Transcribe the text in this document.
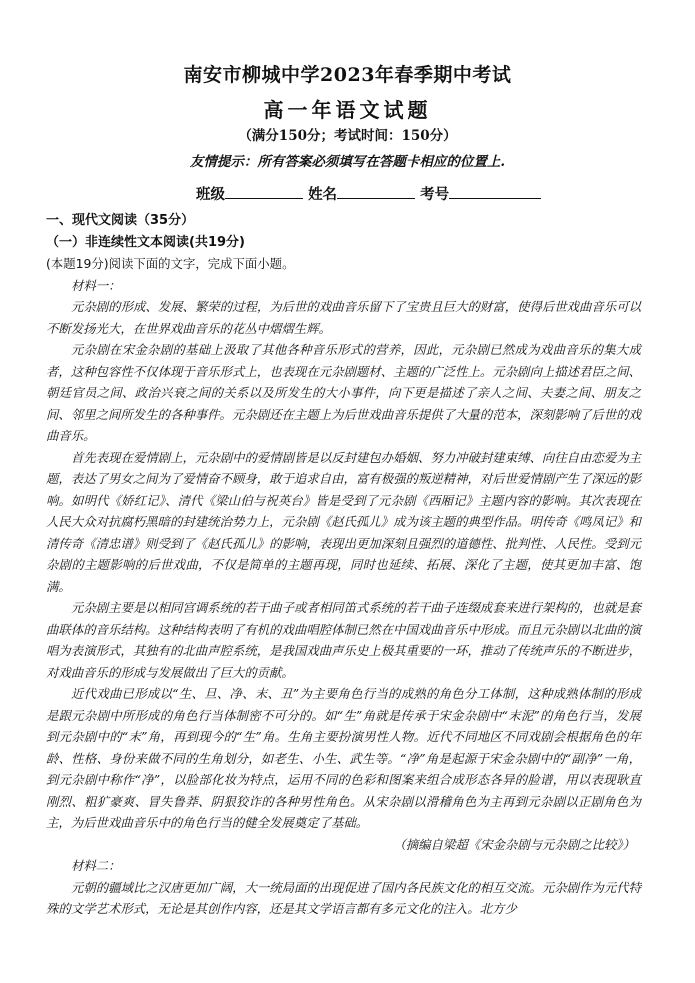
南安市柳城中学2023年春季期中考试
高一年语文试题
（满分150分；考试时间：150分）
友情提示：所有答案必须填写在答题卡相应的位置上.
班级	姓名	考号

一、现代文阅读（35分）

（一）非连续性文本阅读(共19分)

(本题19分)阅读下面的文字，完成下面小题。

材料一：

元杂剧的形成、发展、繁荣的过程，为后世的戏曲音乐留下了宝贵且巨大的财富，使得后世戏曲音乐可以不断发扬光大，在世界戏曲音乐的花丛中熠熠生辉。

元杂剧在宋金杂剧的基础上汲取了其他各种音乐形式的营养，因此，元杂剧已然成为戏曲音乐的集大成者，这种包容性不仅体现于音乐形式上，也表现在元杂剧题材、主题的广泛性上。元杂剧向上描述君臣之间、朝廷官员之间、政治兴衰之间的关系以及所发生的大小事件，向下更是描述了亲人之间、夫妻之间、朋友之间、邻里之间所发生的各种事件。元杂剧还在主题上为后世戏曲音乐提供了大量的范本，深刻影响了后世的戏曲音乐。

首先表现在爱情剧上，元杂剧中的爱情剧皆是以反封建包办婚姻、努力冲破封建束缚、向往自由恋爱为主题，表达了男女之间为了爱情奋不顾身，敢于追求自由，富有极强的叛逆精神，对后世爱情剧产生了深远的影响。如明代《娇红记》、清代《梁山伯与祝英台》皆是受到了元杂剧《西厢记》主题内容的影响。其次表现在人民大众对抗腐朽黑暗的封建统治势力上，元杂剧《赵氏孤儿》成为该主题的典型作品。明传奇《鸣凤记》和清传奇《清忠谱》则受到了《赵氏孤儿》的影响，表现出更加深刻且强烈的道德性、批判性、人民性。受到元杂剧的主题影响的后世戏曲，不仅是简单的主题再现，同时也延续、拓展、深化了主题，使其更加丰富、饱满。

元杂剧主要是以相同宫调系统的若干曲子或者相同笛式系统的若干曲子连缀成套来进行架构的，也就是套曲联体的音乐结构。这种结构表明了有机的戏曲唱腔体制已然在中国戏曲音乐中形成。而且元杂剧以北曲的演唱为表演形式，其独有的北曲声腔系统，是我国戏曲声乐史上极其重要的一环，推动了传统声乐的不断进步，对戏曲音乐的形成与发展做出了巨大的贡献。

近代戏曲已形成以“生、旦、净、末、丑”为主要角色行当的成熟的角色分工体制，这种成熟体制的形成是跟元杂剧中所形成的角色行当体制密不可分的。如“生”角就是传承于宋金杂剧中“末泥”的角色行当，发展到元杂剧中的“末”角，再到现今的“生”角。生角主要扮演男性人物。近代不同地区不同戏剧会根据角色的年龄、性格、身份来做不同的生角划分，如老生、小生、武生等。“净”角是起源于宋金杂剧中的“副净”一角，到元杂剧中称作“净”，以脸部化妆为特点，运用不同的色彩和图案来组合成形态各异的脸谱，用以表现耿直刚烈、粗犷豪爽、冒失鲁莽、阴狠狡诈的各种男性角色。从宋杂剧以滑稽角色为主再到元杂剧以正剧角色为主，为后世戏曲音乐中的角色行当的健全发展奠定了基础。

（摘编自梁超《宋金杂剧与元杂剧之比较》）

材料二：

元朝的疆域比之汉唐更加广阔，大一统局面的出现促进了国内各民族文化的相互交流。元杂剧作为元代特殊的文学艺术形式，无论是其创作内容，还是其文学语言都有多元文化的注入。北方少
